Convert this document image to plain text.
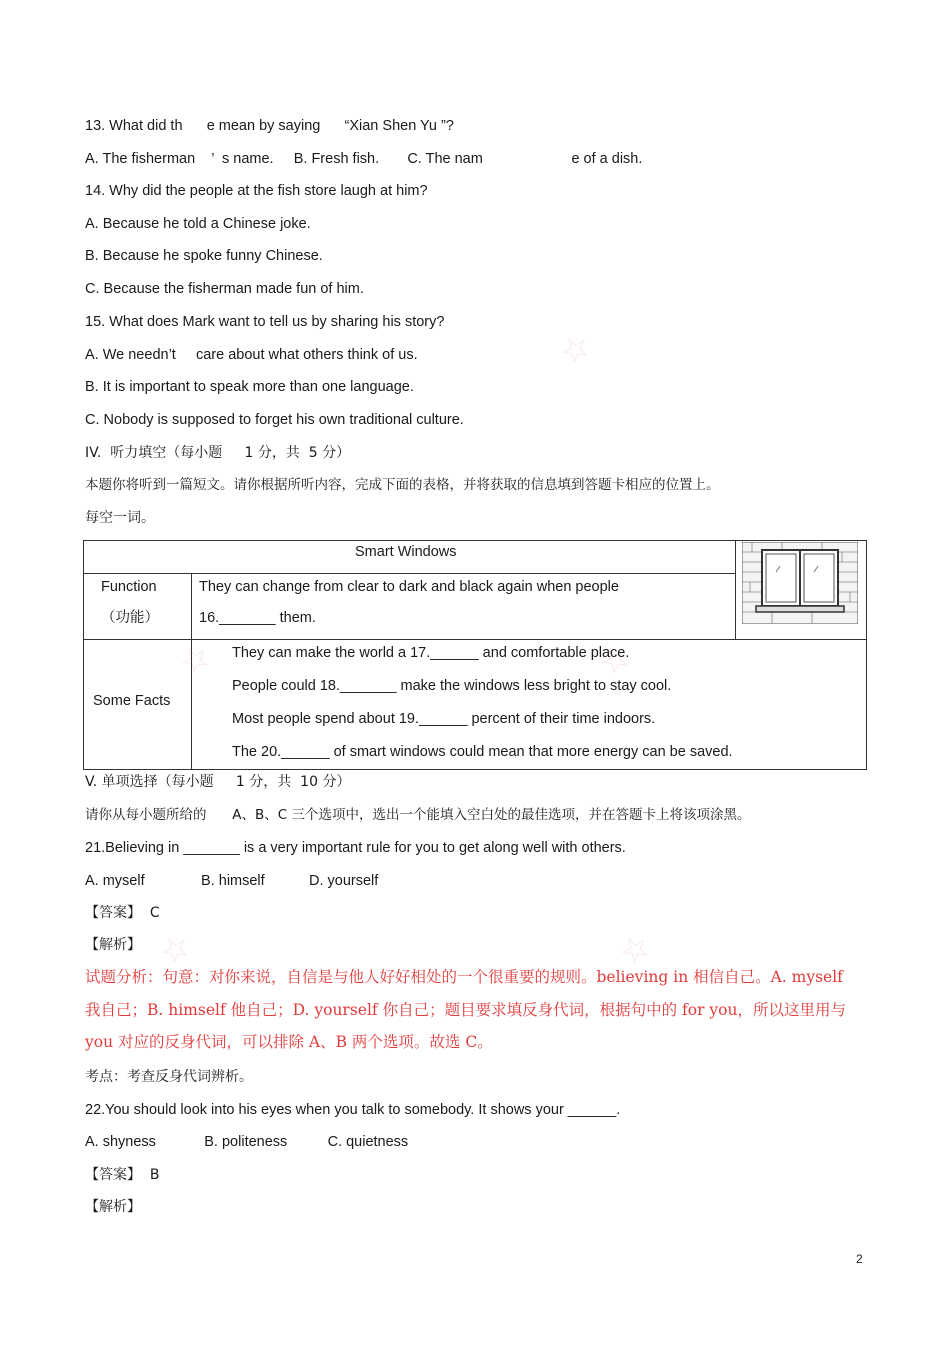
☆
☆	☆
☆	☆
13. What did th      e mean by saying      “Xian Shen Yu ”?
A. The fisherman    ’  s name.     B. Fresh fish.       C. The nam                      e of a dish.
14. Why did the people at the fish store laugh at him?
A. Because he told a Chinese joke.
B. Because he spoke funny Chinese.
C. Because the fisherman made fun of him.
15. What does Mark want to tell us by sharing his story?
A. We needn’t     care about what others think of us.
B. It is important to speak more than one language.
C. Nobody is supposed to forget his own traditional culture.
IV.  听力填空（每小题     1 分，共  5 分）
本题你将听到一篇短文。请你根据所听内容，完成下面的表格，并将获取的信息填到答题卡相应的位置上。
每空一词。
Smart Windows		

Function
（功能）	They can change from clear to dark and black again when people
16._______ them.	

Some Facts	They can make the world a 17.______ and comfortable place.
People could 18._______ make the windows less bright to stay cool.
Most people spend about 19.______ percent of their time indoors.
The 20.______ of smart windows could mean that more energy can be saved.	
V. 单项选择（每小题     1 分，共  10 分）
请你从每小题所给的      A、B、C 三个选项中，选出一个能填入空白处的最佳选项，并在答题卡上将该项涂黑。
21.Believing in _______ is a very important rule for you to get along well with others.
A. myself              B. himself           D. yourself
【答案】  C
【解析】
试题分析：句意：对你来说，自信是与他人好好相处的一个很重要的规则。believing in 相信自己。A. myself
我自己；B. himself 他自己；D. yourself 你自己；题目要求填反身代词，根据句中的 for you，所以这里用与
you 对应的反身代词，可以排除 A、B 两个选项。故选 C。
考点：考查反身代词辨析。
22.You should look into his eyes when you talk to somebody. It shows your ______.
A. shyness            B. politeness          C. quietness
【答案】  B
【解析】
2
